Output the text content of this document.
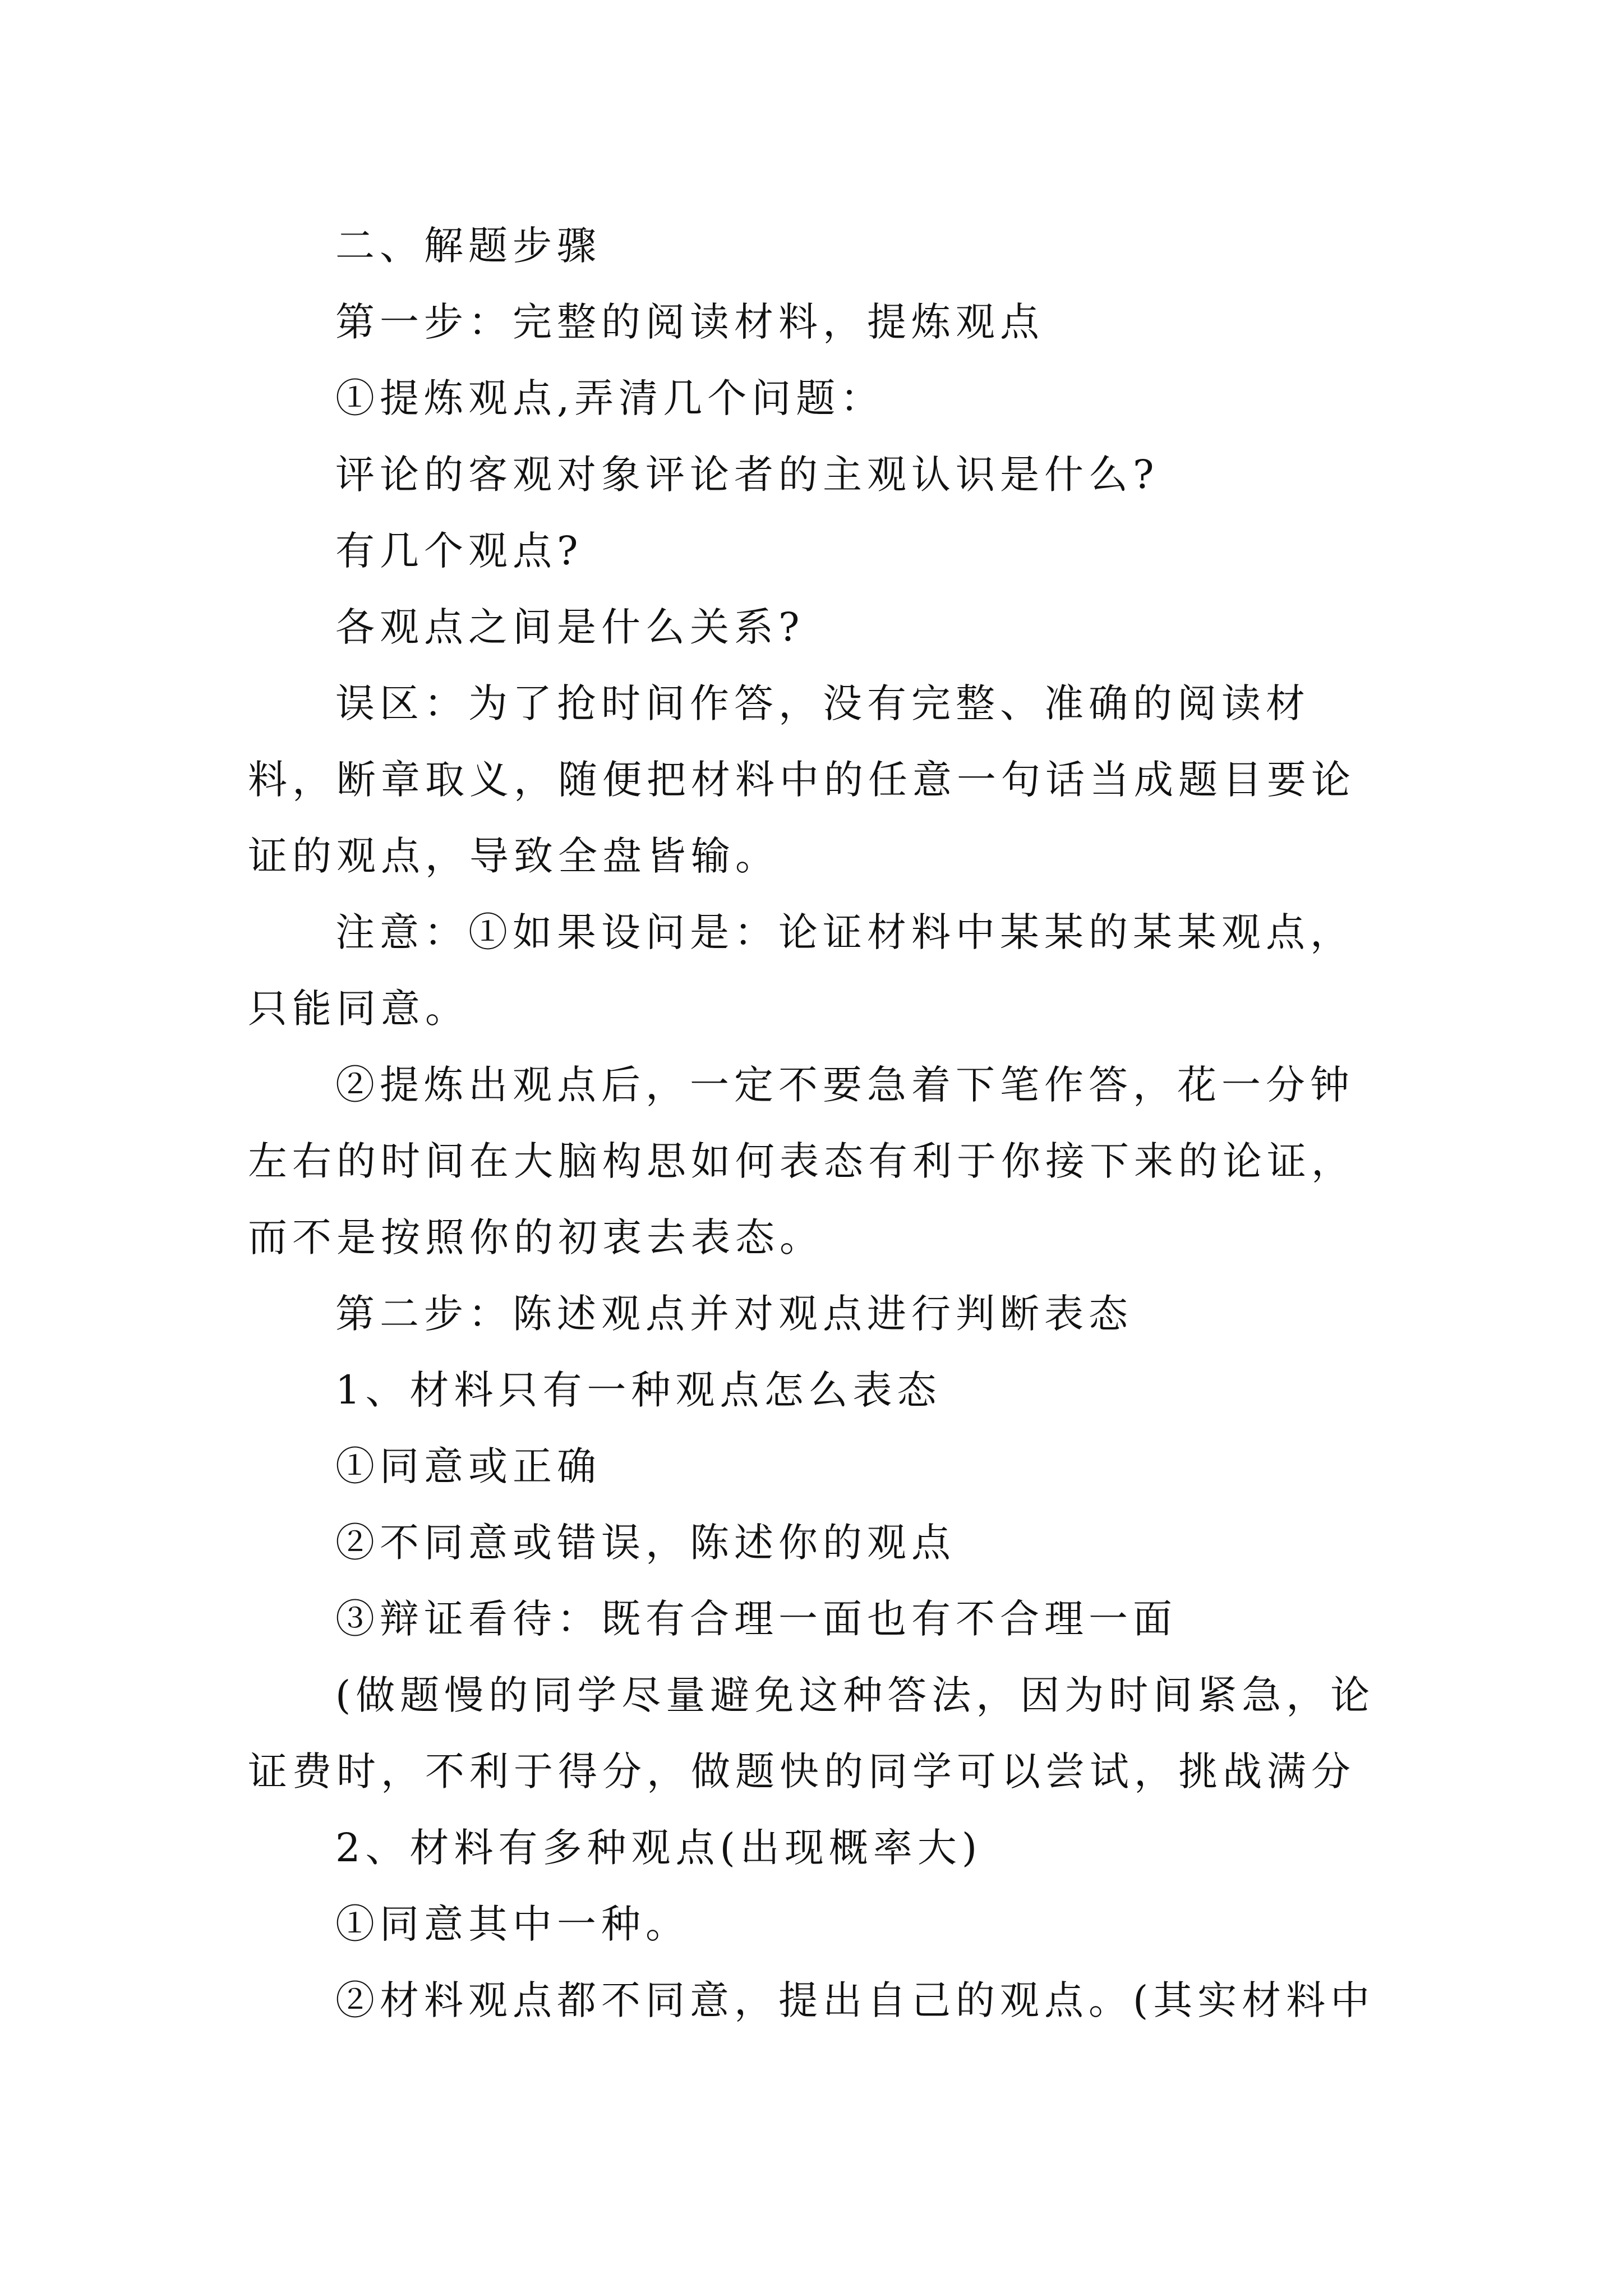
二、解题步骤

第一步：完整的阅读材料，提炼观点

①提炼观点,弄清几个问题：

评论的客观对象评论者的主观认识是什么?

有几个观点?

各观点之间是什么关系?

误区：为了抢时间作答，没有完整、准确的阅读材料，断章取义，随便把材料中的任意一句话当成题目要论证的观点，导致全盘皆输。

注意：①如果设问是：论证材料中某某的某某观点，只能同意。

②提炼出观点后，一定不要急着下笔作答，花一分钟左右的时间在大脑构思如何表态有利于你接下来的论证，而不是按照你的初衷去表态。

第二步：陈述观点并对观点进行判断表态

1、材料只有一种观点怎么表态

①同意或正确

②不同意或错误，陈述你的观点

③辩证看待：既有合理一面也有不合理一面

(做题慢的同学尽量避免这种答法，因为时间紧急，论证费时，不利于得分，做题快的同学可以尝试，挑战满分

2、材料有多种观点(出现概率大)

①同意其中一种。

②材料观点都不同意，提出自己的观点。(其实材料中
